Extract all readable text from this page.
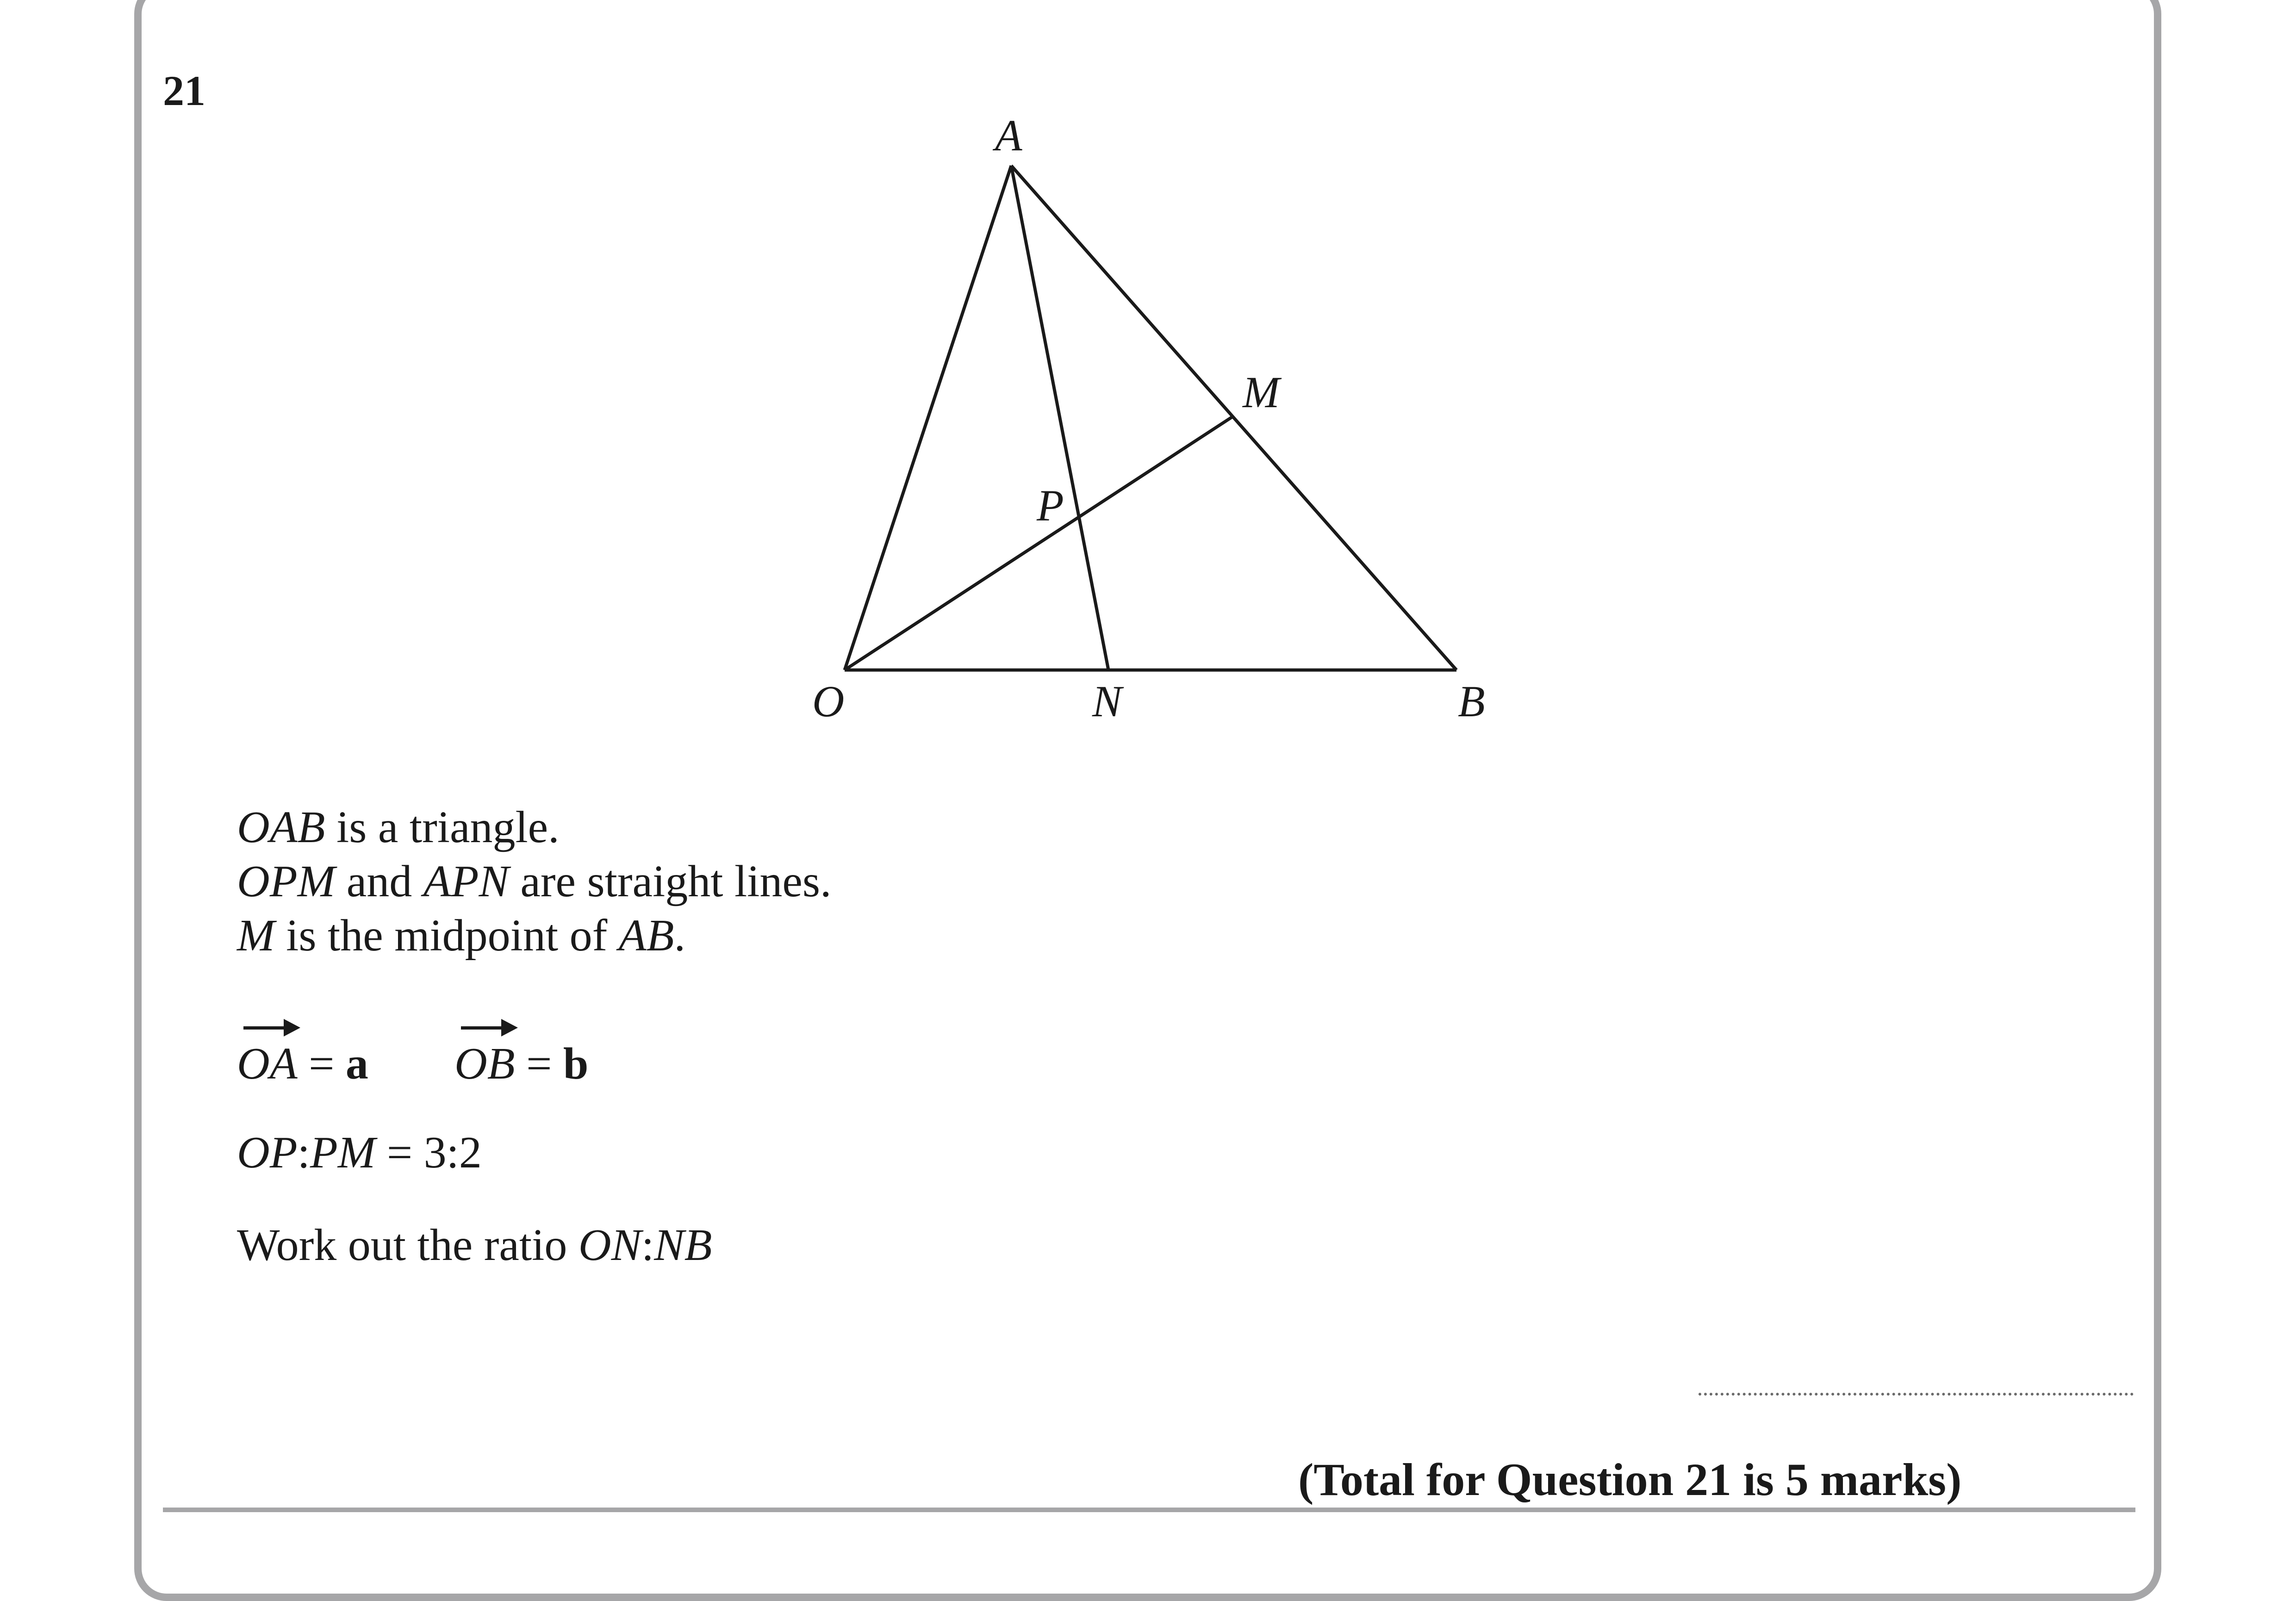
21
A
M
P
O	N	B
OAB is a triangle.
OPM and APN are straight lines.
M is the midpoint of AB.
OA = a OB = b
OP:PM = 3:2
Work out the ratio ON:NB
(Total for Question 21 is 5 marks)
